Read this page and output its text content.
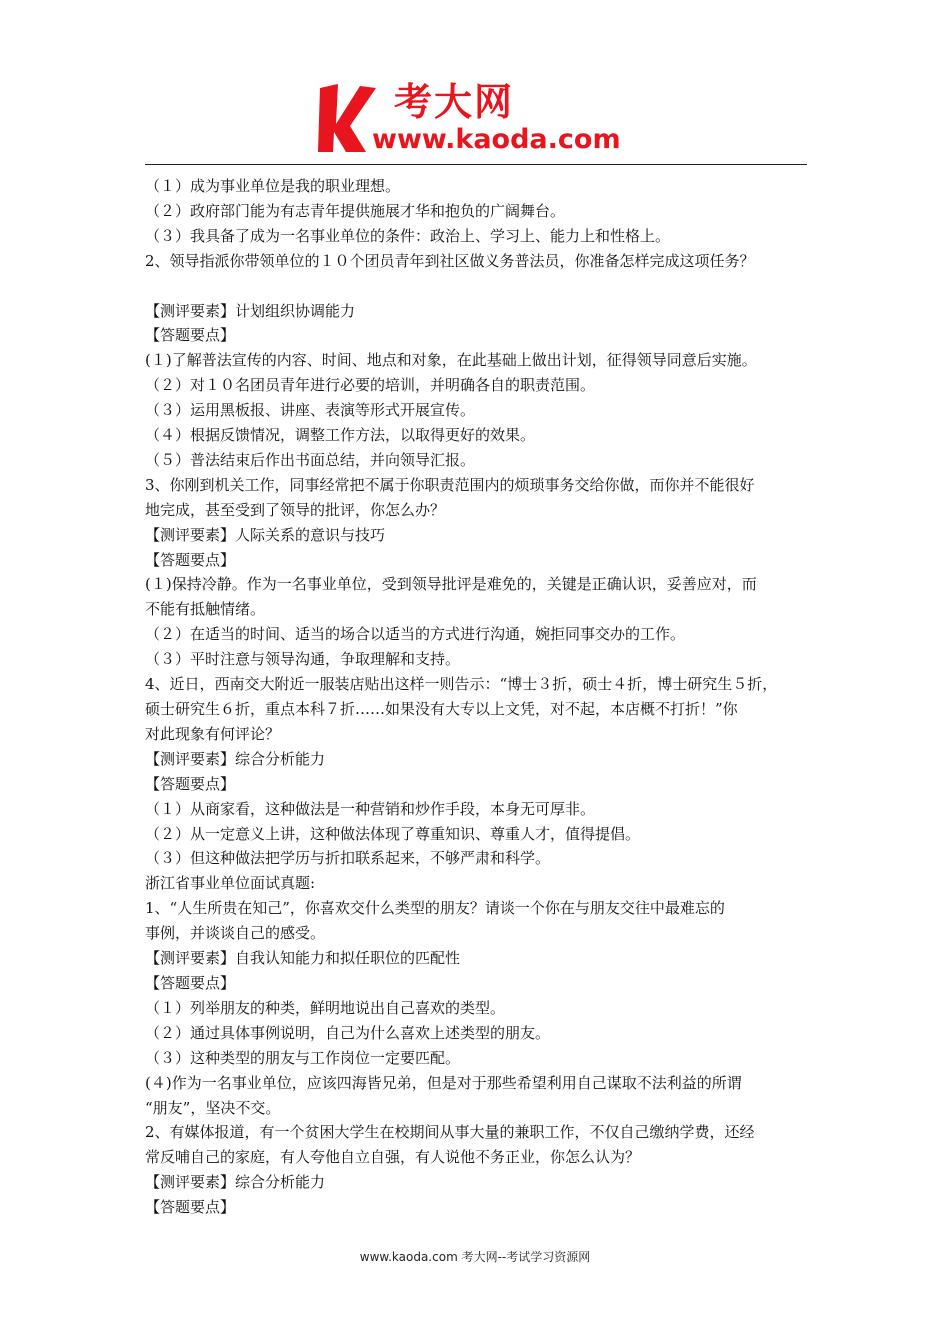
考大网
www.kaoda.com

（１）成为事业单位是我的职业理想。

（２）政府部门能为有志青年提供施展才华和抱负的广阔舞台。

（３）我具备了成为一名事业单位的条件：政治上、学习上、能力上和性格上。

2、领导指派你带领单位的１０个团员青年到社区做义务普法员，你准备怎样完成这项任务？

【测评要素】计划组织协调能力

【答题要点】

(１)了解普法宣传的内容、时间、地点和对象，在此基础上做出计划，征得领导同意后实施。

（２）对１０名团员青年进行必要的培训，并明确各自的职责范围。

（３）运用黑板报、讲座、表演等形式开展宣传。

（４）根据反馈情况，调整工作方法，以取得更好的效果。

（５）普法结束后作出书面总结，并向领导汇报。

3、你刚到机关工作，同事经常把不属于你职责范围内的烦琐事务交给你做，而你并不能很好

地完成，甚至受到了领导的批评，你怎么办？

【测评要素】人际关系的意识与技巧

【答题要点】

(１)保持冷静。作为一名事业单位，受到领导批评是难免的，关键是正确认识，妥善应对，而

不能有抵触情绪。

（２）在适当的时间、适当的场合以适当的方式进行沟通，婉拒同事交办的工作。

（３）平时注意与领导沟通，争取理解和支持。

4、近日，西南交大附近一服装店贴出这样一则告示：“博士３折，硕士４折，博士研究生５折，

硕士研究生６折，重点本科７折……如果没有大专以上文凭，对不起，本店概不打折！”你

对此现象有何评论？

【测评要素】综合分析能力

【答题要点】

（１）从商家看，这种做法是一种营销和炒作手段，本身无可厚非。

（２）从一定意义上讲，这种做法体现了尊重知识、尊重人才，值得提倡。

（３）但这种做法把学历与折扣联系起来，不够严肃和科学。

浙江省事业单位面试真题:

1、“人生所贵在知己”，你喜欢交什么类型的朋友？请谈一个你在与朋友交往中最难忘的

事例，并谈谈自己的感受。

【测评要素】自我认知能力和拟任职位的匹配性

【答题要点】

（１）列举朋友的种类，鲜明地说出自己喜欢的类型。

（２）通过具体事例说明，自己为什么喜欢上述类型的朋友。

（３）这种类型的朋友与工作岗位一定要匹配。

(４)作为一名事业单位，应该四海皆兄弟，但是对于那些希望利用自己谋取不法利益的所谓

“朋友”，坚决不交。

2、有媒体报道，有一个贫困大学生在校期间从事大量的兼职工作，不仅自己缴纳学费，还经

常反哺自己的家庭，有人夸他自立自强，有人说他不务正业，你怎么认为？

【测评要素】综合分析能力

【答题要点】

www.kaoda.com 考大网--考试学习资源网
